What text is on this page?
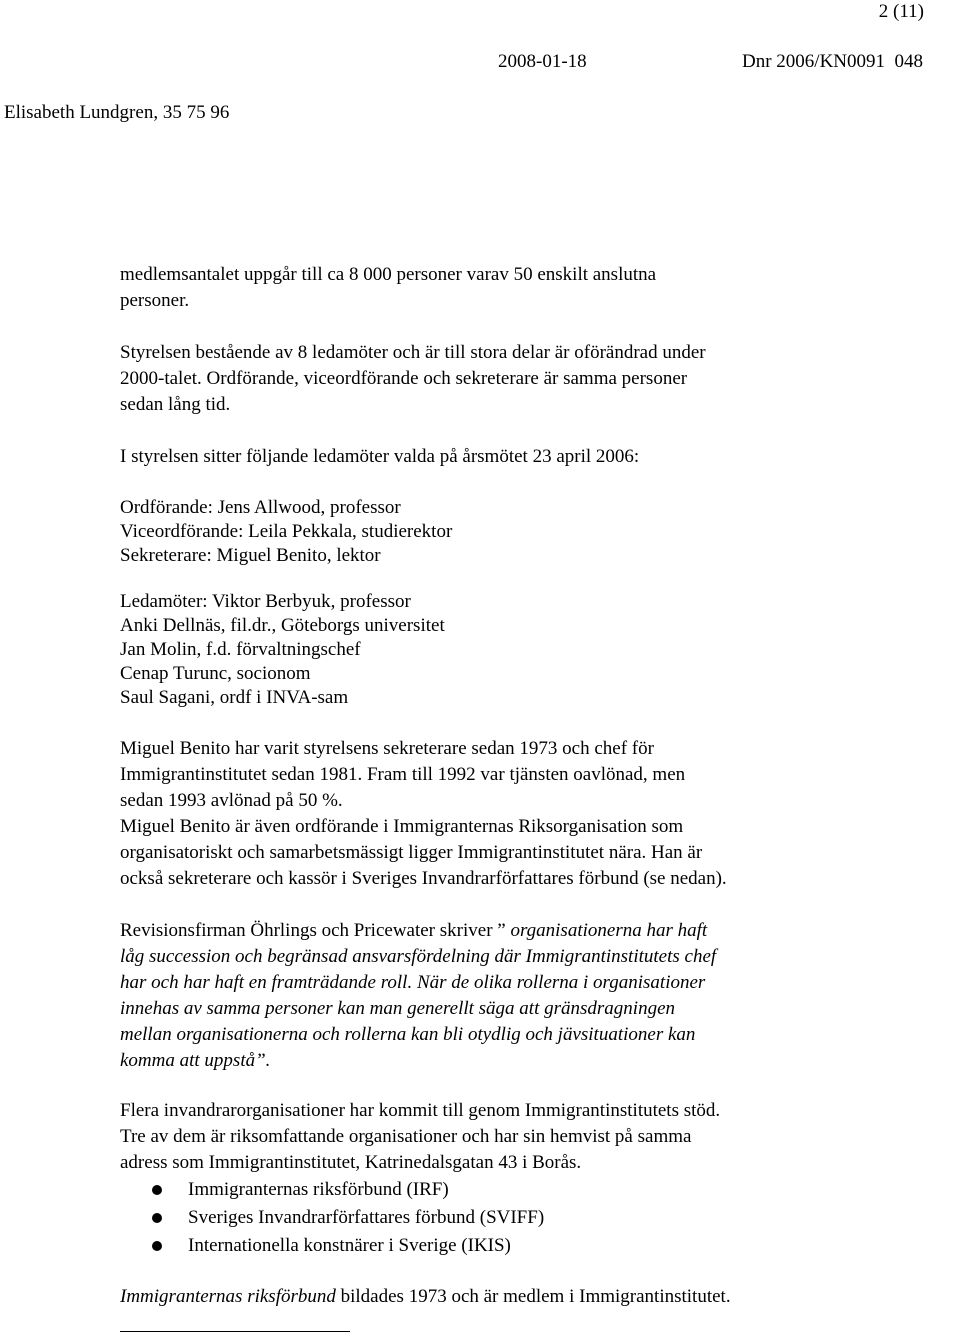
2 (11)
2008-01-18	Dnr 2006/KN0091  048
Elisabeth Lundgren, 35 75 96

medlemsantalet uppgår till ca 8 000 personer varav 50 enskilt anslutna

personer.

Styrelsen bestående av 8 ledamöter och är till stora delar är oförändrad under

2000-talet. Ordförande, viceordförande och sekreterare är samma personer

sedan lång tid.

I styrelsen sitter följande ledamöter valda på årsmötet 23 april 2006:

Ordförande: Jens Allwood, professor

Viceordförande: Leila Pekkala, studierektor

Sekreterare: Miguel Benito, lektor

Ledamöter: Viktor Berbyuk, professor

Anki Dellnäs, fil.dr., Göteborgs universitet

Jan Molin, f.d. förvaltningschef

Cenap Turunc, socionom

Saul Sagani, ordf i INVA-sam

Miguel Benito har varit styrelsens sekreterare sedan 1973 och chef för

Immigrantinstitutet sedan 1981. Fram till 1992 var tjänsten oavlönad, men

sedan 1993 avlönad på 50 %.

Miguel Benito är även ordförande i Immigranternas Riksorganisation som

organisatoriskt och samarbetsmässigt ligger Immigrantinstitutet nära. Han är

också sekreterare och kassör i Sveriges Invandrarförfattares förbund (se nedan).

Revisionsfirman Öhrlings och Pricewater skriver ” organisationerna har haft

låg succession och begränsad ansvarsfördelning där Immigrantinstitutets chef

har och har haft en framträdande roll. När de olika rollerna i organisationer

innehas av samma personer kan man generellt säga att gränsdragningen

mellan organisationerna och rollerna kan bli otydlig och jävsituationer kan

komma att uppstå”.

Flera invandrarorganisationer har kommit till genom Immigrantinstitutets stöd.

Tre av dem är riksomfattande organisationer och har sin hemvist på samma

adress som Immigrantinstitutet, Katrinedalsgatan 43 i Borås.

Immigranternas riksförbund (IRF)
Sveriges Invandrarförfattares förbund (SVIFF)
Internationella konstnärer i Sverige (IKIS)

Immigranternas riksförbund bildades 1973 och är medlem i Immigrantinstitutet.
